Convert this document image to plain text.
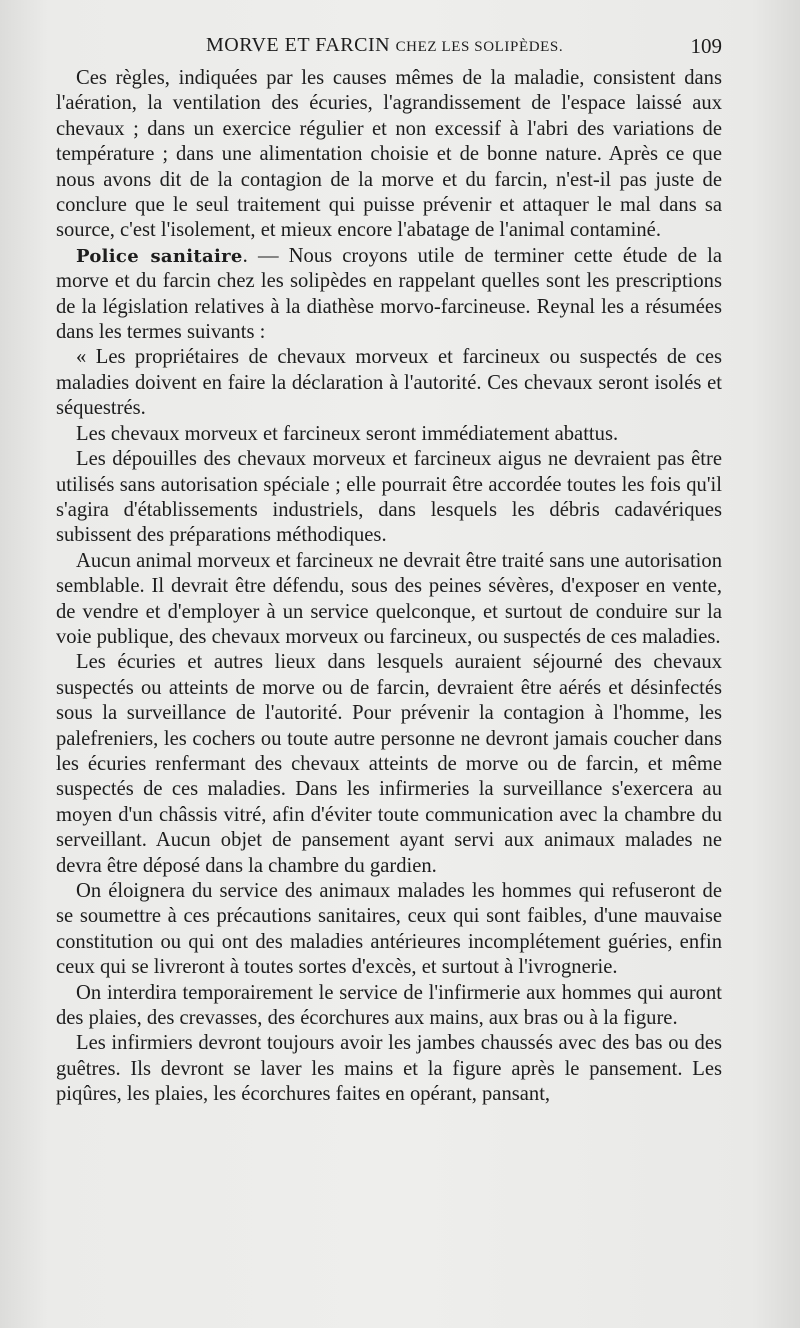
MORVE ET FARCIN CHEZ LES SOLIPÈDES.	109

Ces règles, indiquées par les causes mêmes de la maladie, consistent dans l'aération, la ventilation des écuries, l'agrandissement de l'espace laissé aux chevaux ; dans un exercice régulier et non excessif à l'abri des variations de température ; dans une alimentation choisie et de bonne nature. Après ce que nous avons dit de la contagion de la morve et du farcin, n'est-il pas juste de conclure que le seul traitement qui puisse prévenir et attaquer le mal dans sa source, c'est l'isolement, et mieux encore l'abatage de l'animal contaminé.

Police sanitaire. — Nous croyons utile de terminer cette étude de la morve et du farcin chez les solipèdes en rappelant quelles sont les prescriptions de la législation relatives à la diathèse morvo-farcineuse. Reynal les a résumées dans les termes suivants :

« Les propriétaires de chevaux morveux et farcineux ou suspectés de ces maladies doivent en faire la déclaration à l'autorité. Ces chevaux seront isolés et séquestrés.

Les chevaux morveux et farcineux seront immédiatement abattus.

Les dépouilles des chevaux morveux et farcineux aigus ne devraient pas être utilisés sans autorisation spéciale ; elle pourrait être accordée toutes les fois qu'il s'agira d'établissements industriels, dans lesquels les débris cadavériques subissent des préparations méthodiques.

Aucun animal morveux et farcineux ne devrait être traité sans une autorisation semblable. Il devrait être défendu, sous des peines sévères, d'exposer en vente, de vendre et d'employer à un service quelconque, et surtout de conduire sur la voie publique, des chevaux morveux ou farcineux, ou suspectés de ces maladies.

Les écuries et autres lieux dans lesquels auraient séjourné des chevaux suspectés ou atteints de morve ou de farcin, devraient être aérés et désinfectés sous la surveillance de l'autorité. Pour prévenir la contagion à l'homme, les palefreniers, les cochers ou toute autre personne ne devront jamais coucher dans les écuries renfermant des chevaux atteints de morve ou de farcin, et même suspectés de ces maladies. Dans les infirmeries la surveillance s'exercera au moyen d'un châssis vitré, afin d'éviter toute communication avec la chambre du serveillant. Aucun objet de pansement ayant servi aux animaux malades ne devra être déposé dans la chambre du gardien.

On éloignera du service des animaux malades les hommes qui refuseront de se soumettre à ces précautions sanitaires, ceux qui sont faibles, d'une mauvaise constitution ou qui ont des maladies antérieures incomplétement guéries, enfin ceux qui se livreront à toutes sortes d'excès, et surtout à l'ivrognerie.

On interdira temporairement le service de l'infirmerie aux hommes qui auront des plaies, des crevasses, des écorchures aux mains, aux bras ou à la figure.

Les infirmiers devront toujours avoir les jambes chaussés avec des bas ou des guêtres. Ils devront se laver les mains et la figure après le pansement. Les piqûres, les plaies, les écorchures faites en opérant, pansant,
